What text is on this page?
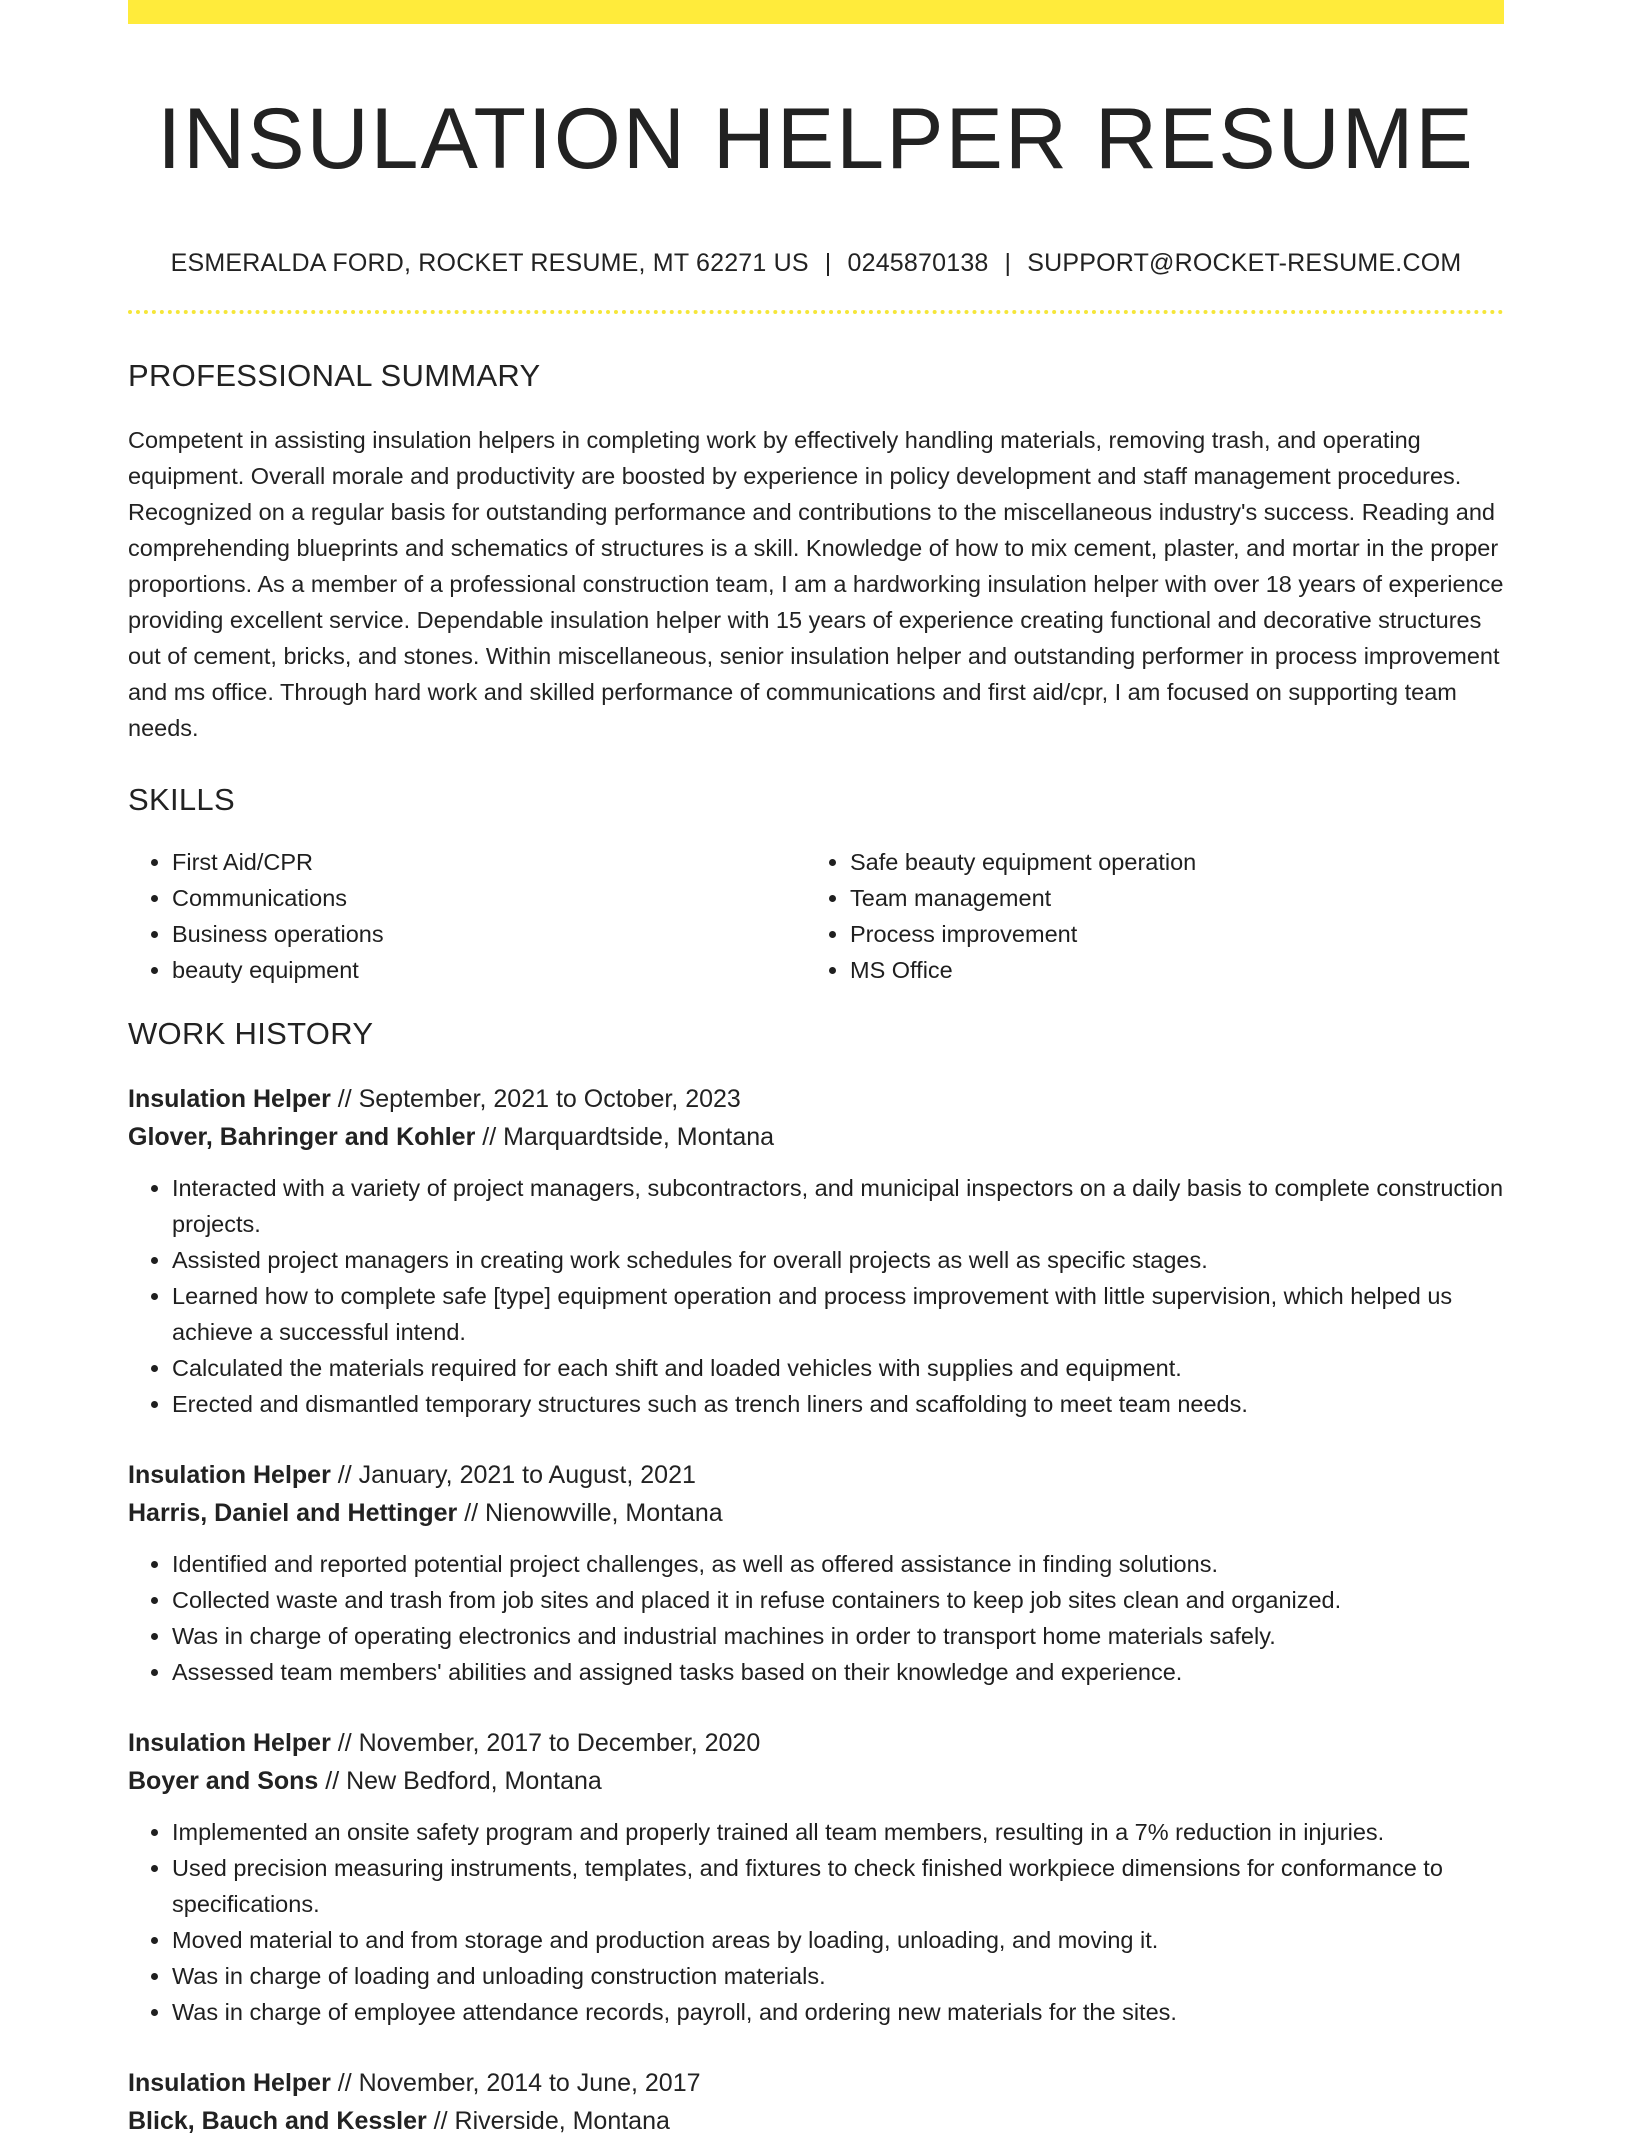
INSULATION HELPER RESUME
ESMERALDA FORD, ROCKET RESUME, MT 62271 US | 0245870138 | SUPPORT@ROCKET-RESUME.COM
PROFESSIONAL SUMMARY

Competent in assisting insulation helpers in completing work by effectively handling materials, removing trash, and operating equipment. Overall morale and productivity are boosted by experience in policy development and staff management procedures. Recognized on a regular basis for outstanding performance and contributions to the miscellaneous industry's success. Reading and comprehending blueprints and schematics of structures is a skill. Knowledge of how to mix cement, plaster, and mortar in the proper proportions. As a member of a professional construction team, I am a hardworking insulation helper with over 18 years of experience providing excellent service. Dependable insulation helper with 15 years of experience creating functional and decorative structures out of cement, bricks, and stones. Within miscellaneous, senior insulation helper and outstanding performer in process improvement and ms office. Through hard work and skilled performance of communications and first aid/cpr, I am focused on supporting team needs.

SKILLS
• First Aid/CPR
• Communications
• Business operations
• beauty equipment
• Safe beauty equipment operation
• Team management
• Process improvement
• MS Office
WORK HISTORY
Insulation Helper // September, 2021 to October, 2023
Glover, Bahringer and Kohler // Marquardtside, Montana
• Interacted with a variety of project managers, subcontractors, and municipal inspectors on a daily basis to complete construction projects.
• Assisted project managers in creating work schedules for overall projects as well as specific stages.
• Learned how to complete safe [type] equipment operation and process improvement with little supervision, which helped us achieve a successful intend.
• Calculated the materials required for each shift and loaded vehicles with supplies and equipment.
• Erected and dismantled temporary structures such as trench liners and scaffolding to meet team needs.
Insulation Helper // January, 2021 to August, 2021
Harris, Daniel and Hettinger // Nienowville, Montana
• Identified and reported potential project challenges, as well as offered assistance in finding solutions.
• Collected waste and trash from job sites and placed it in refuse containers to keep job sites clean and organized.
• Was in charge of operating electronics and industrial machines in order to transport home materials safely.
• Assessed team members' abilities and assigned tasks based on their knowledge and experience.
Insulation Helper // November, 2017 to December, 2020
Boyer and Sons // New Bedford, Montana
• Implemented an onsite safety program and properly trained all team members, resulting in a 7% reduction in injuries.
• Used precision measuring instruments, templates, and fixtures to check finished workpiece dimensions for conformance to specifications.
• Moved material to and from storage and production areas by loading, unloading, and moving it.
• Was in charge of loading and unloading construction materials.
• Was in charge of employee attendance records, payroll, and ordering new materials for the sites.
Insulation Helper // November, 2014 to June, 2017
Blick, Bauch and Kessler // Riverside, Montana
